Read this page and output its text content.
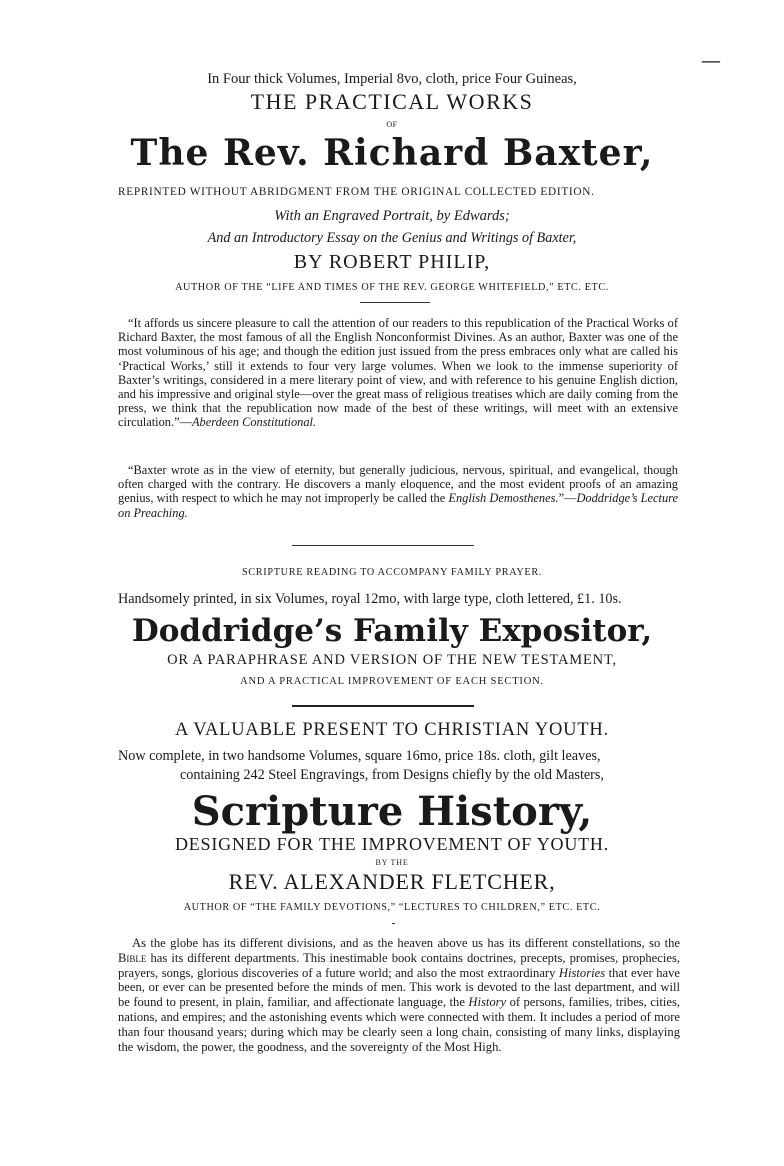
—
In Four thick Volumes, Imperial 8vo, cloth, price Four Guineas,
THE PRACTICAL WORKS
OF
The Rev. Richard Baxter,
REPRINTED WITHOUT ABRIDGMENT FROM THE ORIGINAL COLLECTED EDITION.
With an Engraved Portrait, by Edwards;
And an Introductory Essay on the Genius and Writings of Baxter,
BY ROBERT PHILIP,
AUTHOR OF THE “LIFE AND TIMES OF THE REV. GEORGE WHITEFIELD,” ETC. ETC.

“It affords us sincere pleasure to call the attention of our readers to this republication of the Practical Works of Richard Baxter, the most famous of all the English Nonconformist Divines. As an author, Baxter was one of the most voluminous of his age; and though the edition just issued from the press embraces only what are called his ‘Practical Works,’ still it extends to four very large volumes. When we look to the immense superiority of Baxter’s writings, considered in a mere literary point of view, and with reference to his genuine English diction, and his impressive and original style—over the great mass of religious treatises which are daily coming from the press, we think that the republication now made of the best of these writings, will meet with an extensive circulation.”—Aberdeen Constitutional.

“Baxter wrote as in the view of eternity, but generally judicious, nervous, spiritual, and evangelical, though often charged with the contrary. He discovers a manly eloquence, and the most evident proofs of an amazing genius, with respect to which he may not improperly be called the English Demosthenes.”—Doddridge’s Lecture on Preaching.

SCRIPTURE READING TO ACCOMPANY FAMILY PRAYER.
Handsomely printed, in six Volumes, royal 12mo, with large type, cloth lettered, £1. 10s.
Doddridge’s Family Expositor,
OR A PARAPHRASE AND VERSION OF THE NEW TESTAMENT,
AND A PRACTICAL IMPROVEMENT OF EACH SECTION.
A VALUABLE PRESENT TO CHRISTIAN YOUTH.
Now complete, in two handsome Volumes, square 16mo, price 18s. cloth, gilt leaves,
containing 242 Steel Engravings, from Designs chiefly by the old Masters,
Scripture History,
DESIGNED FOR THE IMPROVEMENT OF YOUTH.
BY THE
REV. ALEXANDER FLETCHER,
AUTHOR OF “THE FAMILY DEVOTIONS,” “LECTURES TO CHILDREN,” ETC. ETC.

As the globe has its different divisions, and as the heaven above us has its different constellations, so the Bible has its different departments. This inestimable book contains doctrines, precepts, promises, prophecies, prayers, songs, glorious discoveries of a future world; and also the most extraordinary Histories that ever have been, or ever can be presented before the minds of men. This work is devoted to the last department, and will be found to present, in plain, familiar, and affectionate language, the History of persons, families, tribes, cities, nations, and empires; and the astonishing events which were connected with them. It includes a period of more than four thousand years; during which may be clearly seen a long chain, consisting of many links, displaying the wisdom, the power, the goodness, and the sovereignty of the Most High.
